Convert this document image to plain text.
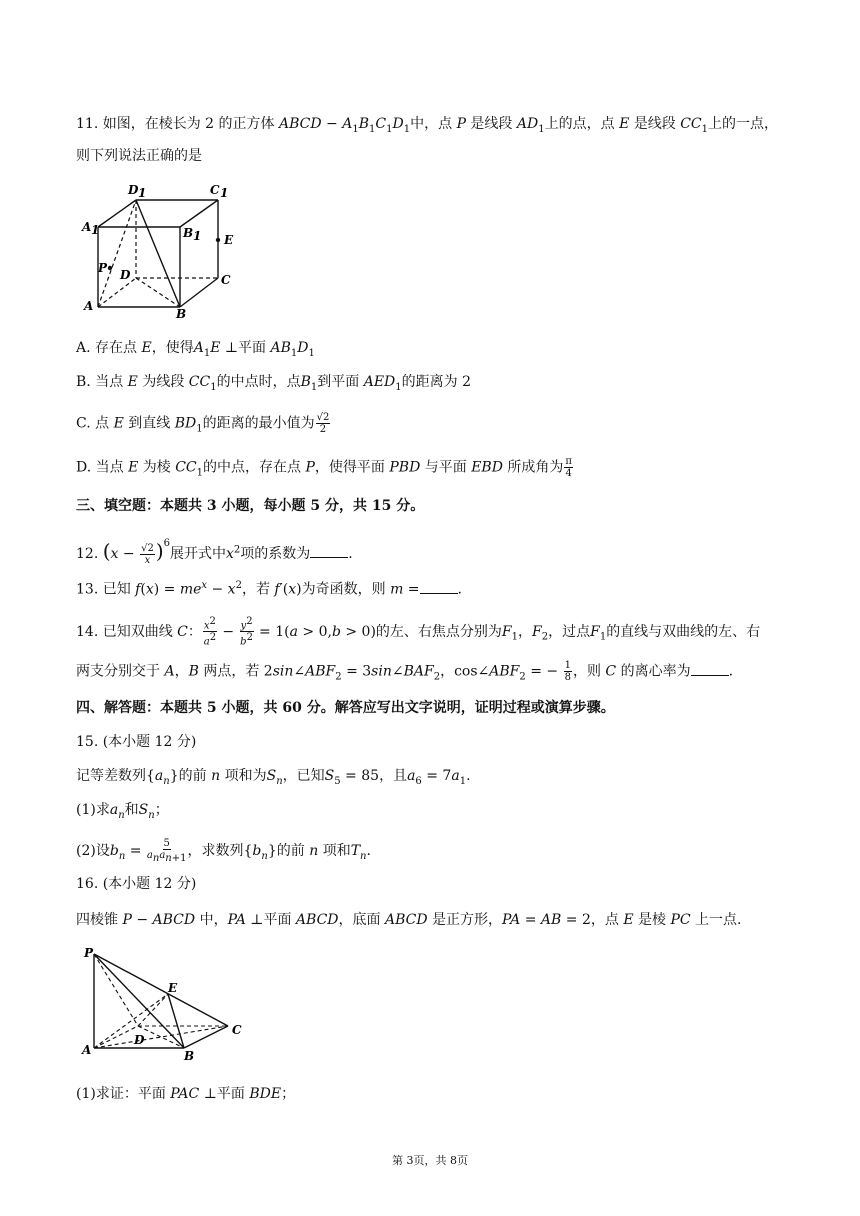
11. 如图，在棱长为 2 的正方体 ABCD − $A_1B_1C_1D_1$中，点 P 是线段 $AD_1$上的点，点 E 是线段 $CC_1$上的一点，
则下列说法正确的是
D 1	C 1
A 1	B 1 E
P D	C
A
B
A. 存在点 E，使得$A_1E$ ⊥平面 $AB_1D_1$
B. 当点 E 为线段 $CC_1$的中点时，点$B_1$到平面 $AED_1$的距离为 2
C. 点 E 到直线 $BD_1$的距离的最小值为 $\frac{√2}{2}$
D. 当点 E 为棱 $CC_1$的中点，存在点 P，使得平面 PBD 与平面 EBD 所成角为 $\frac{\pi}{4}$
三、填空题：本题共 3 小题，每小题 5 分，共 15 分。
12. $(x - \frac{√2}{x} )^6$展开式中$x^2$项的系数为	.
13. 已知 $f(x) = me^x - x^2$，若 f′(x)为奇函数，则 m =	.
14. 已知双曲线 C： $\frac{x^2}{a^2} - \frac{y^2}{b^2} = 1(a > 0,b > 0)$的左、右焦点分别为$F_1$，$F_2$，过点$F_1$的直线与双曲线的左、右
两支分别交于 A，B 两点，若 $2\sin\angle ABF_2$ = $3\sin\angle BAF_2$，$\cos\angle ABF_2$ = − $\frac{1}{8}$ ，则 C 的离心率为	.
四、解答题：本题共 5 小题，共 60 分。解答应写出文字说明，证明过程或演算步骤。
15. (本小题 12 分)
记等差数列$\{a_n\}$的前 n 项和为$S_n$，已知$S_5 = 85$，且$a_6 = 7a_1$.
(1)求$a_n$和$S_n$；
(2)设$b_n = \frac{5}{a_na_{n+1}}$ ，求数列$\{b_n\}$的前 n 项和$T_n$.
16. (本小题 12 分)
四棱锥 P − ABCD 中，PA ⊥平面 ABCD，底面 ABCD 是正方形，PA = AB = 2，点 E 是棱 PC 上一点.
P
E
C
D
A	B
(1)求证：平面 PAC ⊥平面 BDE；
第 3页，共 8页
